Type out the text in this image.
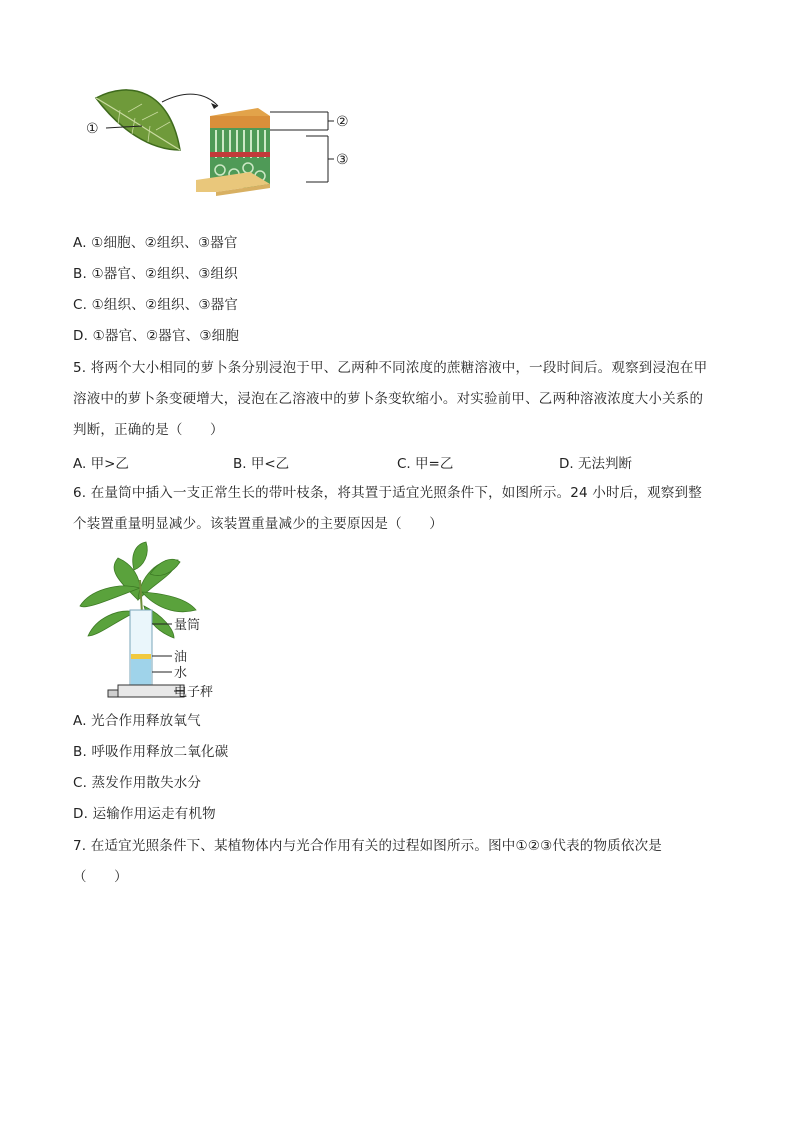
①	②
③
A. ①细胞、②组织、③器官
B. ①器官、②组织、③组织
C. ①组织、②组织、③器官
D. ①器官、②器官、③细胞
5. 将两个大小相同的萝卜条分别浸泡于甲、乙两种不同浓度的蔗糖溶液中，一段时间后。观察到浸泡在甲
溶液中的萝卜条变硬增大，浸泡在乙溶液中的萝卜条变软缩小。对实验前甲、乙两种溶液浓度大小关系的
判断，正确的是（　　）
A. 甲>乙	B. 甲<乙	C. 甲=乙	D. 无法判断
6. 在量筒中插入一支正常生长的带叶枝条，将其置于适宜光照条件下，如图所示。24 小时后，观察到整
个装置重量明显减少。该装置重量减少的主要原因是（　　）
量筒
油
水
电子秤
A. 光合作用释放氧气
B. 呼吸作用释放二氧化碳
C. 蒸发作用散失水分
D. 运输作用运走有机物
7. 在适宜光照条件下、某植物体内与光合作用有关的过程如图所示。图中①②③代表的物质依次是
（　　）
